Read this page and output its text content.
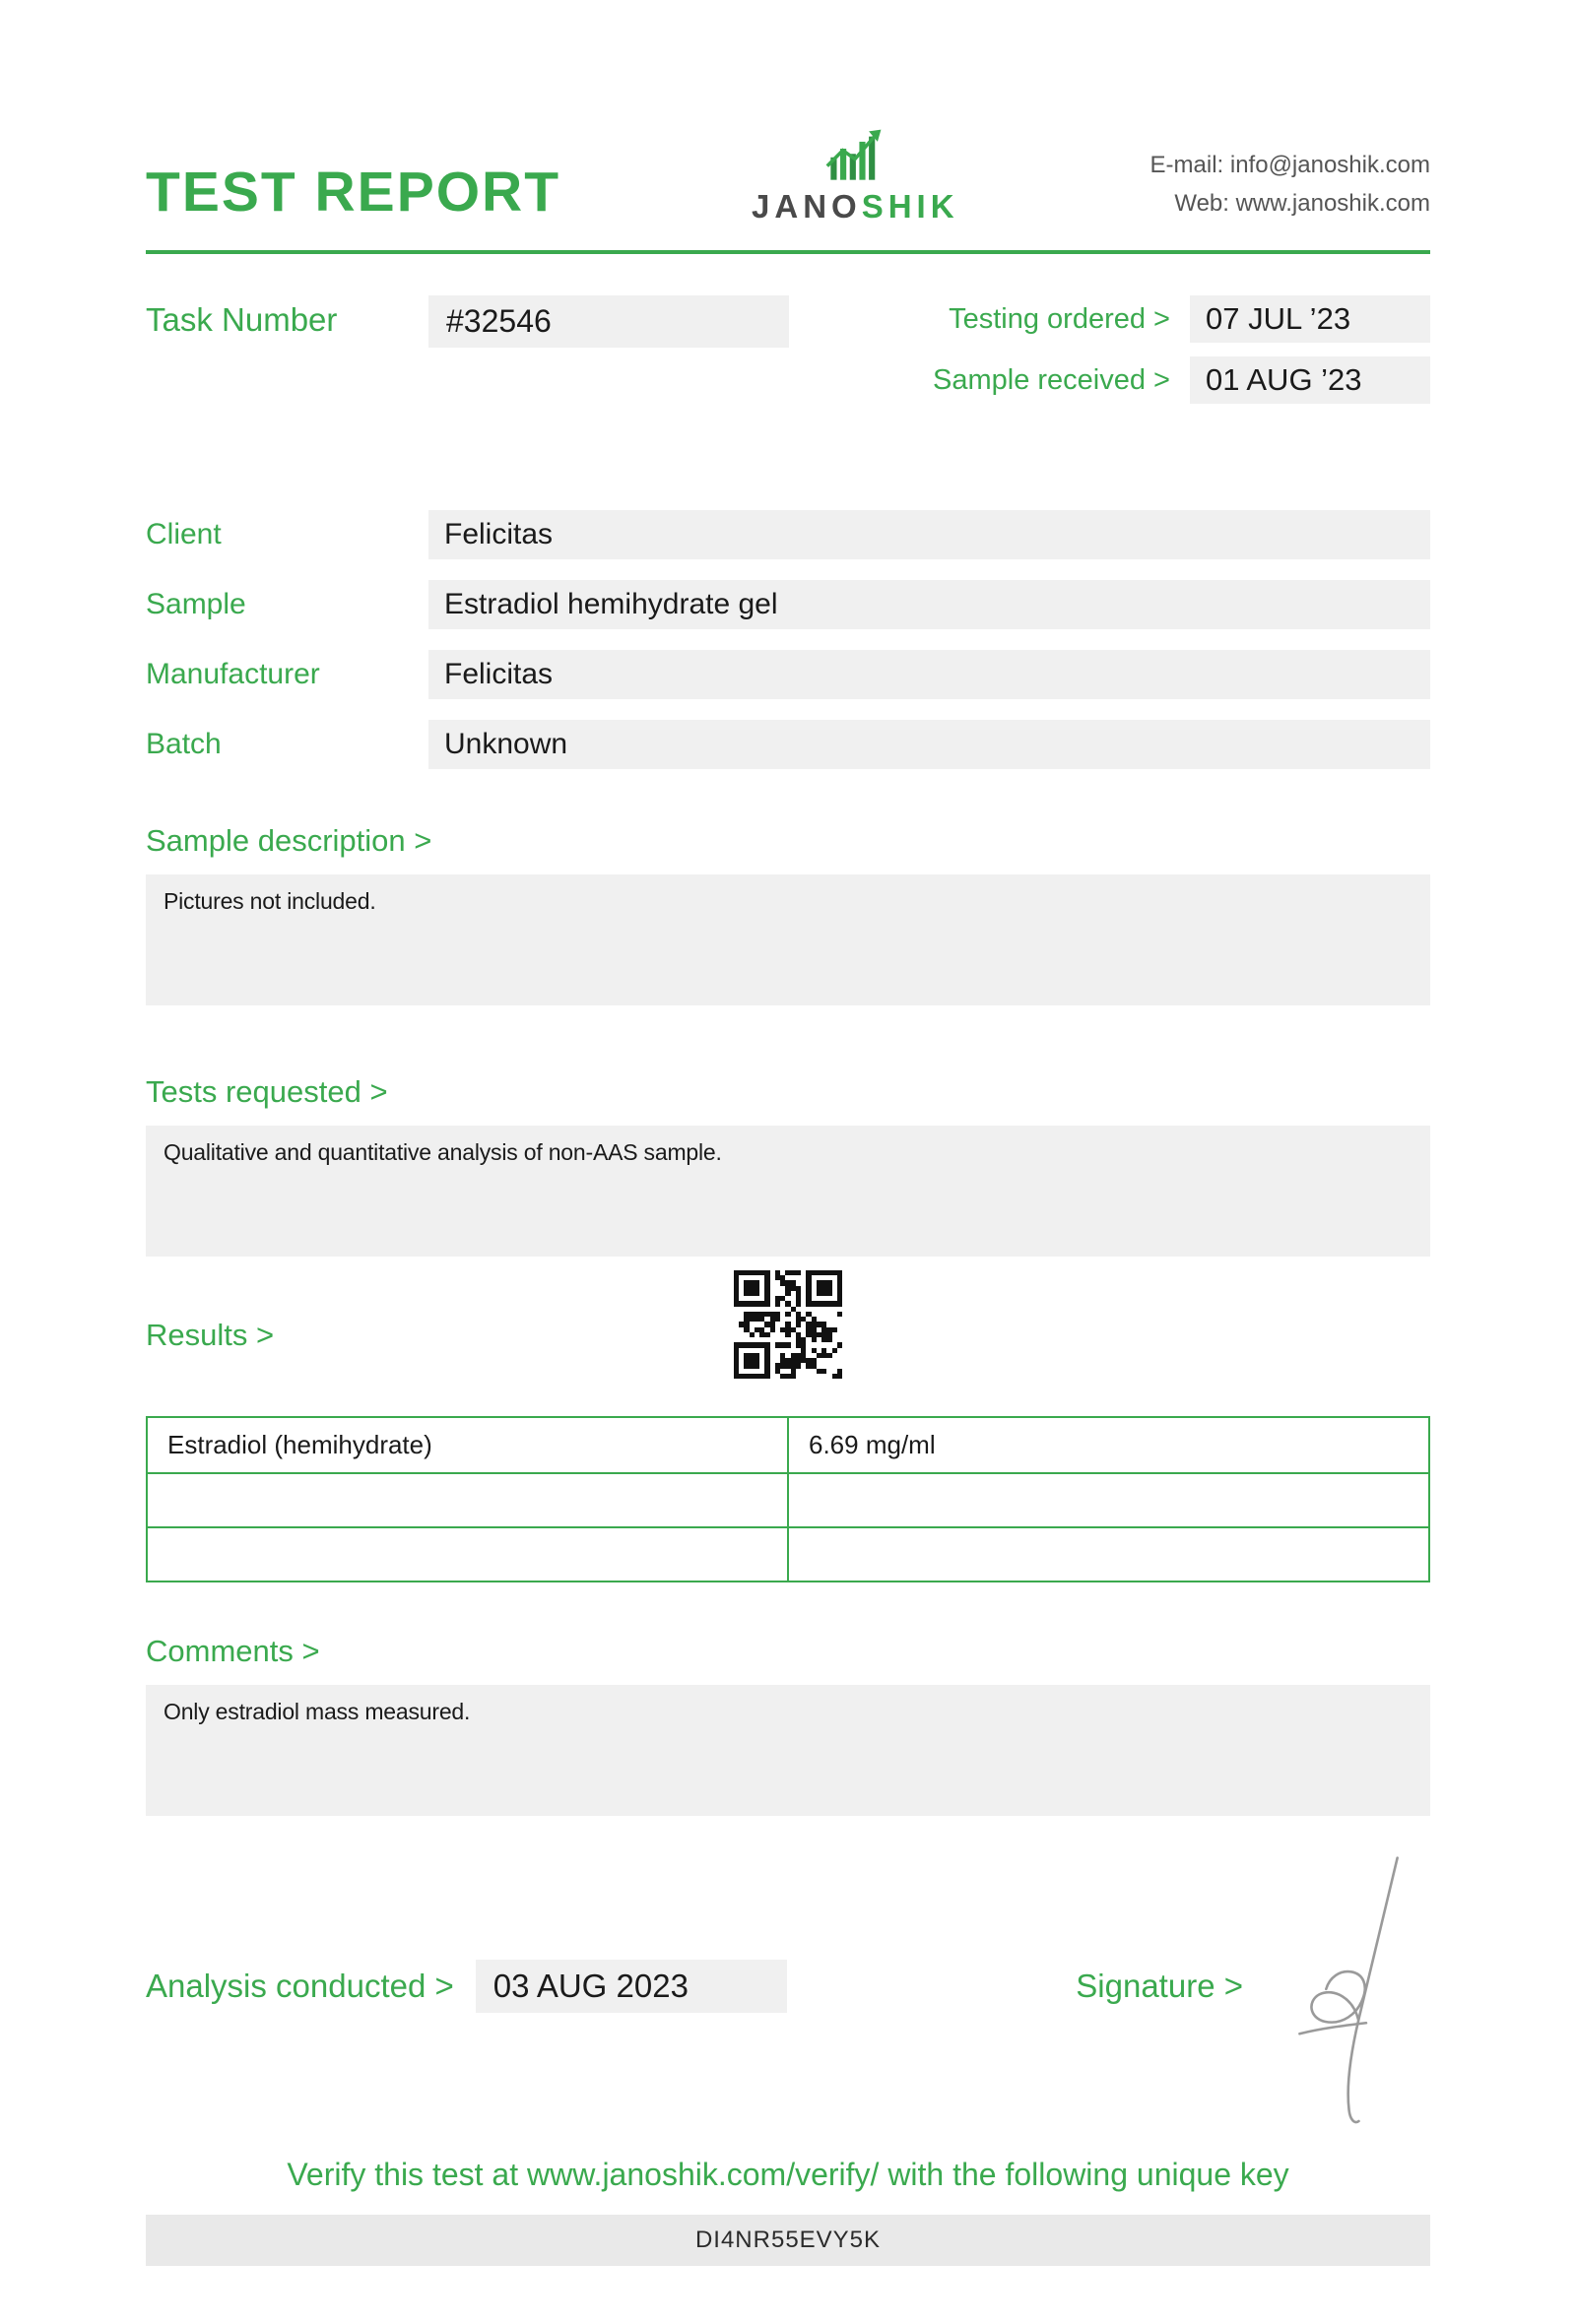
TEST REPORT	JANOSHIK
E-mail: info@janoshik.com
Web: www.janoshik.com
Task Number	#32546	Testing ordered >	07 JUL ’23
Sample received >	01 AUG ’23
Client	Felicitas
Sample	Estradiol hemihydrate gel
Manufacturer	Felicitas
Batch	Unknown
Sample description >
Pictures not included.
Tests requested >
Qualitative and quantitative analysis of non-AAS sample.
Results >
Estradiol (hemihydrate)	6.69 mg/ml

Comments >
Only estradiol mass measured.
Analysis conducted >	03 AUG 2023	Signature >
Verify this test at www.janoshik.com/verify/ with the following unique key
DI4NR55EVY5K
